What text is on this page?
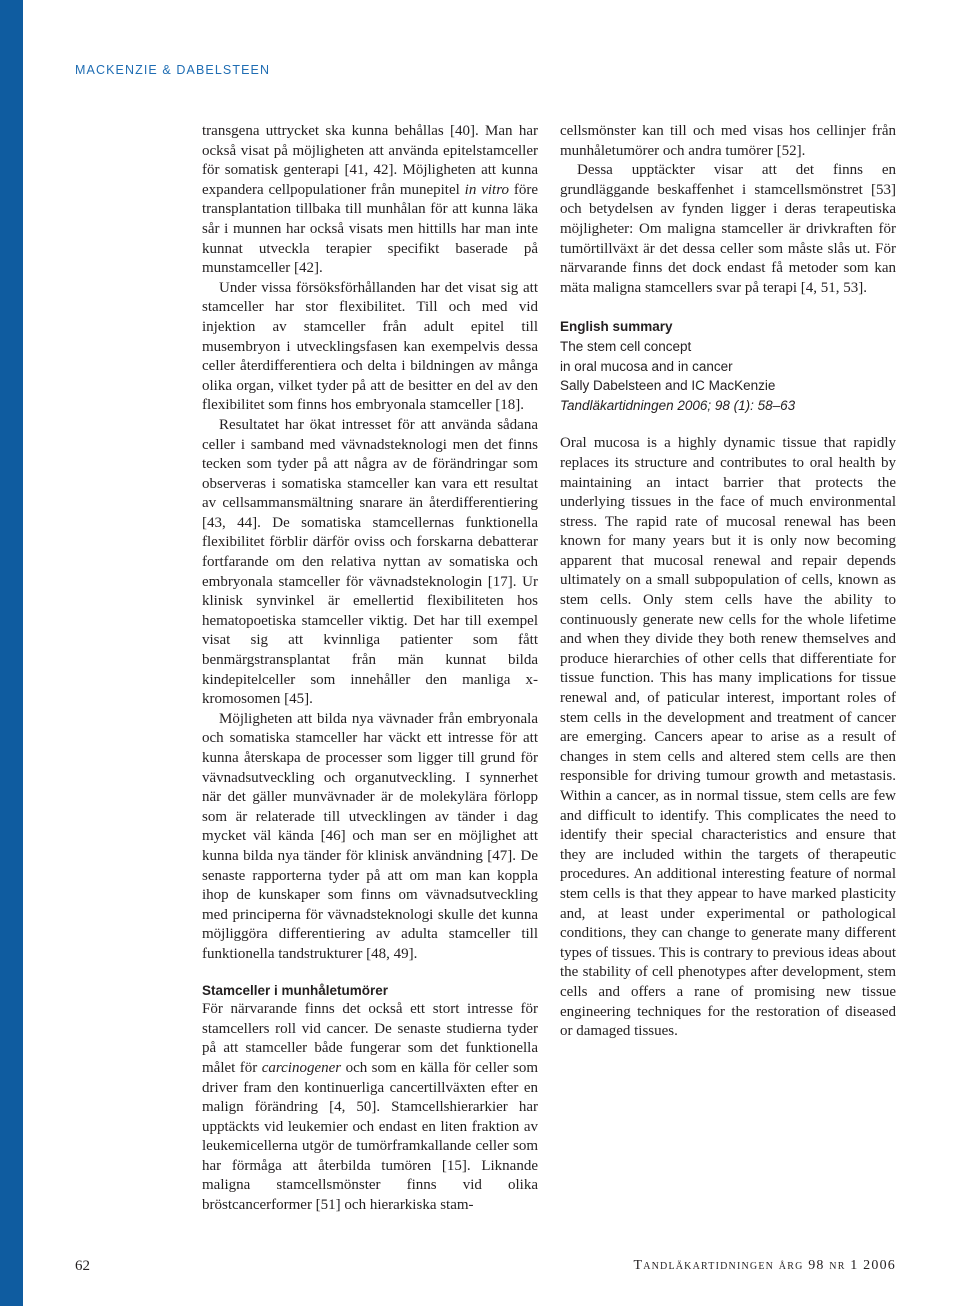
MACKENZIE & DABELSTEEN

transgena uttrycket ska kunna behållas [40]. Man har också visat på möjligheten att använda epitelstamceller för somatisk genterapi [41, 42]. Möjligheten att kunna expandera cellpopulationer från munepitel in vitro före transplantation tillbaka till munhålan för att kunna läka sår i munnen har också visats men hittills har man inte kunnat utveckla terapier specifikt baserade på munstamceller [42].

Under vissa försöksförhållanden har det visat sig att stamceller har stor flexibilitet. Till och med vid injektion av stamceller från adult epitel till musembryon i utvecklingsfasen kan exempelvis dessa celler återdifferentiera och delta i bildningen av många olika organ, vilket tyder på att de besitter en del av den flexibilitet som finns hos embryonala stamceller [18].

Resultatet har ökat intresset för att använda sådana celler i samband med vävnadsteknologi men det finns tecken som tyder på att några av de förändringar som observeras i somatiska stamceller kan vara ett resultat av cellsammansmältning snarare än återdifferentiering [43, 44]. De somatiska stamcellernas funktionella flexibilitet förblir därför oviss och forskarna debatterar fortfarande om den relativa nyttan av somatiska och embryonala stamceller för vävnadsteknologin [17]. Ur klinisk synvinkel är emellertid flexibiliteten hos hematopoetiska stamceller viktig. Det har till exempel visat sig att kvinnliga patienter som fått benmärgstransplantat från män kunnat bilda kindepitelceller som innehåller den manliga x-kromosomen [45].

Möjligheten att bilda nya vävnader från embryonala och somatiska stamceller har väckt ett intresse för att kunna återskapa de processer som ligger till grund för vävnadsutveckling och organutveckling. I synnerhet när det gäller munvävnader är de molekylära förlopp som är relaterade till utvecklingen av tänder i dag mycket väl kända [46] och man ser en möjlighet att kunna bilda nya tänder för klinisk användning [47]. De senaste rapporterna tyder på att om man kan koppla ihop de kunskaper som finns om vävnadsutveckling med principerna för vävnadsteknologi skulle det kunna möjliggöra differentiering av adulta stamceller till funktionella tandstrukturer [48, 49].

Stamceller i munhåletumörer

För närvarande finns det också ett stort intresse för stamcellers roll vid cancer. De senaste studierna tyder på att stamceller både fungerar som det funktionella målet för carcinogener och som en källa för celler som driver fram den kontinuerliga cancertillväxten efter en malign förändring [4, 50]. Stamcellshierarkier har upptäckts vid leukemier och endast en liten fraktion av leukemicellerna utgör de tumörframkallande celler som har förmåga att återbilda tumören [15]. Liknande maligna stamcellsmönster finns vid olika bröstcancerformer [51] och hierarkiska stam-

cellsmönster kan till och med visas hos cellinjer från munhåletumörer och andra tumörer [52].

Dessa upptäckter visar att det finns en grundläggande beskaffenhet i stamcellsmönstret [53] och betydelsen av fynden ligger i deras terapeutiska möjligheter: Om maligna stamceller är drivkraften för tumörtillväxt är det dessa celler som måste slås ut. För närvarande finns det dock endast få metoder som kan mäta maligna stamcellers svar på terapi [4, 51, 53].

English summary
The stem cell concept
in oral mucosa and in cancer
Sally Dabelsteen and IC MacKenzie
Tandläkartidningen 2006; 98 (1): 58–63

Oral mucosa is a highly dynamic tissue that rapidly replaces its structure and contributes to oral health by maintaining an intact barrier that protects the underlying tissues in the face of much environmental stress. The rapid rate of mucosal renewal has been known for many years but it is only now becoming apparent that mucosal renewal and repair depends ultimately on a small subpopulation of cells, known as stem cells. Only stem cells have the ability to continuously generate new cells for the whole lifetime and when they divide they both renew themselves and produce hierarchies of other cells that differentiate for tissue function. This has many implications for tissue renewal and, of paticular interest, important roles of stem cells in the development and treatment of cancer are emerging. Cancers apear to arise as a result of changes in stem cells and altered stem cells are then responsible for driving tumour growth and metastasis. Within a cancer, as in normal tissue, stem cells are few and difficult to identify. This complicates the need to identify their special characteristics and ensure that they are included within the targets of therapeutic procedures. An additional interesting feature of normal stem cells is that they appear to have marked plasticity and, at least under experimental or pathological conditions, they can change to generate many different types of tissues. This is contrary to previous ideas about the stability of cell phenotypes after development, stem cells and offers a rane of promising new tissue engineering techniques for the restoration of diseased or damaged tissues.

62	Tandläkartidningen årg 98 nr 1 2006
